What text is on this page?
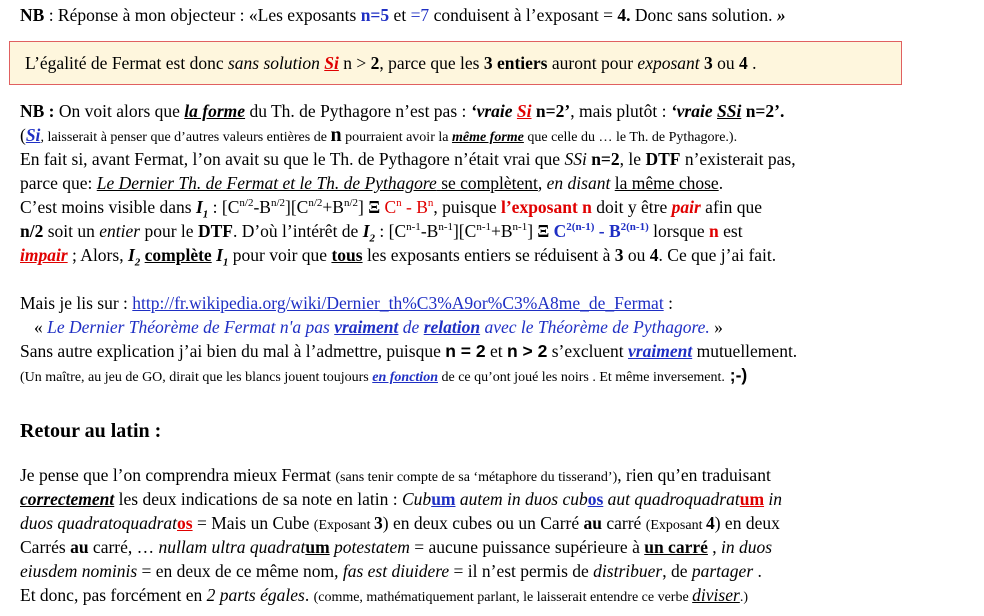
NB : Réponse à mon objecteur : «Les exposants n=5 et =7 conduisent à l’exposant = 4. Donc sans solution. »
L’égalité de Fermat est donc sans solution Si n > 2, parce que les 3 entiers auront pour exposant 3 ou 4 .
NB : On voit alors que la forme du Th. de Pythagore n’est pas : ‘vraie Si n=2’, mais plutôt : ‘vraie SSi n=2’.
(Si, laisserait à penser que d’autres valeurs entières de n pourraient avoir la même forme que celle du … le Th. de Pythagore.).
En fait si, avant Fermat, l’on avait su que le Th. de Pythagore n’était vrai que SSi n=2, le DTF n’existerait pas,
parce que: Le Dernier Th. de Fermat et le Th. de Pythagore se complètent, en disant la même chose.
C’est moins visible dans $I_1$ : $[C^{n/2}-B^{n/2}][C^{n/2}+B^{n/2}]$ Ξ $C^n - B^n$, puisque l’exposant n doit y être pair afin que
n/2 soit un entier pour le DTF. D’où l’intérêt de $I_2$ : $[C^{n-1}-B^{n-1}][C^{n-1}+B^{n-1}]$ Ξ $C^{2(n-1)} - B^{2(n-1)}$ lorsque n est
impair ; Alors, $I_2$ complète $I_1$ pour voir que tous les exposants entiers se réduisent à 3 ou 4. Ce que j’ai fait.
Mais je lis sur : http://fr.wikipedia.org/wiki/Dernier_th%C3%A9or%C3%A8me_de_Fermat :
« Le Dernier Théorème de Fermat n'a pas vraiment de relation avec le Théorème de Pythagore. »
Sans autre explication j’ai bien du mal à l’admettre, puisque n = 2 et n > 2 s’excluent vraiment mutuellement.
(Un maître, au jeu de GO, dirait que les blancs jouent toujours en fonction de ce qu’ont joué les noirs . Et même inversement. ;-)
Retour au latin :
Je pense que l’on comprendra mieux Fermat (sans tenir compte de sa ‘métaphore du tisserand’), rien qu’en traduisant
correctement les deux indications de sa note en latin : Cubum autem in duos cubos aut quadroquadratum in
duos quadratoquadratos = Mais un Cube (Exposant 3) en deux cubes ou un Carré au carré (Exposant 4) en deux
Carrés au carré, … nullam ultra quadratum potestatem = aucune puissance supérieure à un carré , in duos
eiusdem nominis = en deux de ce même nom, fas est diuidere = il n’est permis de distribuer, de partager .
Et donc, pas forcément en 2 parts égales. (comme, mathématiquement parlant, le laisserait entendre ce verbe diviser.)
